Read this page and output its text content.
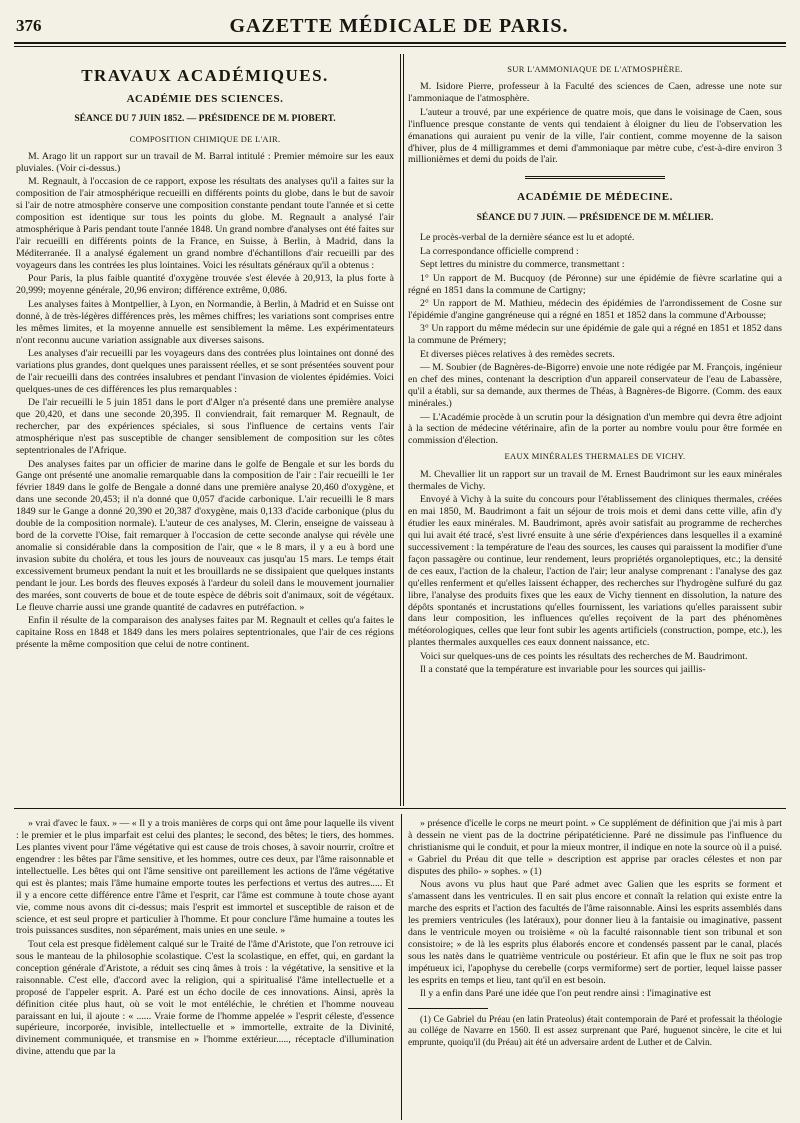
376	GAZETTE MÉDICALE DE PARIS.
TRAVAUX ACADÉMIQUES.
ACADÉMIE DES SCIENCES.
SÉANCE DU 7 JUIN 1852. — PRÉSIDENCE DE M. PIOBERT.
COMPOSITION CHIMIQUE DE L'AIR.

M. Arago lit un rapport sur un travail de M. Barral intitulé : Premier mémoire sur les eaux pluviales. (Voir ci-dessus.)

M. Regnault, à l'occasion de ce rapport, expose les résultats des analyses qu'il a faites sur la composition de l'air atmosphérique recueilli en différents points du globe, dans le but de savoir si l'air de notre atmosphère conserve une composition constante pendant toute l'année et si cette composition est identique sur tous les points du globe. M. Regnault a analysé l'air atmosphérique à Paris pendant toute l'année 1848. Un grand nombre d'analyses ont été faites sur l'air recueilli en différents points de la France, en Suisse, à Berlin, à Madrid, dans la Méditerranée. Il a analysé également un grand nombre d'échantillons d'air recueilli par des voyageurs dans les contrées les plus lointaines. Voici les résultats généraux qu'il a obtenus :

Pour Paris, la plus faible quantité d'oxygène trouvée s'est élevée à 20,913, la plus forte à 20,999; moyenne générale, 20,96 environ; différence extrême, 0,086.

Les analyses faites à Montpellier, à Lyon, en Normandie, à Berlin, à Madrid et en Suisse ont donné, à de très-légères différences près, les mêmes chiffres; les variations sont comprises entre les mêmes limites, et la moyenne annuelle est sensiblement la même. Les expérimentateurs n'ont reconnu aucune variation assignable aux diverses saisons.

Les analyses d'air recueilli par les voyageurs dans des contrées plus lointaines ont donné des variations plus grandes, dont quelques unes paraissent réelles, et se sont présentées souvent pour de l'air recueilli dans des contrées insalubres et pendant l'invasion de violentes épidémies. Voici quelques-unes de ces différences les plus remarquables :

De l'air recueilli le 5 juin 1851 dans le port d'Alger n'a présenté dans une première analyse que 20,420, et dans une seconde 20,395. Il conviendrait, fait remarquer M. Regnault, de rechercher, par des expériences spéciales, si sous l'influence de certains vents l'air atmosphérique n'est pas susceptible de changer sensiblement de composition sur les côtes septentrionales de l'Afrique.

Des analyses faites par un officier de marine dans le golfe de Bengale et sur les bords du Gange ont présenté une anomalie remarquable dans la composition de l'air : l'air recueilli le 1er février 1849 dans le golfe de Bengale a donné dans une première analyse 20,460 d'oxygène, et dans une seconde 20,453; il n'a donné que 0,057 d'acide carbonique. L'air recueilli le 8 mars 1849 sur le Gange a donné 20,390 et 20,387 d'oxygène, mais 0,133 d'acide carbonique (plus du double de la composition normale). L'auteur de ces analyses, M. Clerin, enseigne de vaisseau à bord de la corvette l'Oise, fait remarquer à l'occasion de cette seconde analyse qui révèle une anomalie si considérable dans la composition de l'air, que « le 8 mars, il y a eu à bord une invasion subite du choléra, et tous les jours de nouveaux cas jusqu'au 15 mars. Le temps était excessivement brumeux pendant la nuit et les brouillards ne se dissipaient que quelques instants pendant le jour. Les bords des fleuves exposés à l'ardeur du soleil dans le mouvement journalier des marées, sont couverts de boue et de toute espèce de débris soit d'animaux, soit de végétaux. Le fleuve charrie aussi une grande quantité de cadavres en putréfaction. »

Enfin il résulte de la comparaison des analyses faites par M. Regnault et celles qu'a faites le capitaine Ross en 1848 et 1849 dans les mers polaires septentrionales, que l'air de ces régions présente la même composition que celui de notre continent.

SUR L'AMMONIAQUE DE L'ATMOSPHÈRE.

M. Isidore Pierre, professeur à la Faculté des sciences de Caen, adresse une note sur l'ammoniaque de l'atmosphère.

L'auteur a trouvé, par une expérience de quatre mois, que dans le voisinage de Caen, sous l'influence presque constante de vents qui tendaient à éloigner du lieu de l'observation les émanations qui auraient pu venir de la ville, l'air contient, comme moyenne de la saison d'hiver, plus de 4 milligrammes et demi d'ammoniaque par mètre cube, c'est-à-dire environ 3 millionièmes et demi du poids de l'air.

ACADÉMIE DE MÉDECINE.
SÉANCE DU 7 JUIN. — PRÉSIDENCE DE M. MÉLIER.

Le procès-verbal de la dernière séance est lu et adopté.

La correspondance officielle comprend :

Sept lettres du ministre du commerce, transmettant :

1° Un rapport de M. Bucquoy (de Péronne) sur une épidémie de fièvre scarlatine qui a régné en 1851 dans la commune de Cartigny;

2° Un rapport de M. Mathieu, médecin des épidémies de l'arrondissement de Cosne sur l'épidémie d'angine gangréneuse qui a régné en 1851 et 1852 dans la commune d'Arbousse;

3° Un rapport du même médecin sur une épidémie de gale qui a régné en 1851 et 1852 dans la commune de Prémery;

Et diverses pièces relatives à des remèdes secrets.

— M. Soubier (de Bagnères-de-Bigorre) envoie une note rédigée par M. François, ingénieur en chef des mines, contenant la description d'un appareil conservateur de l'eau de Labassère, qu'il a établi, sur sa demande, aux thermes de Théas, à Bagnères-de Bigorre. (Comm. des eaux minérales.)

— L'Académie procède à un scrutin pour la désignation d'un membre qui devra être adjoint à la section de médecine vétérinaire, afin de la porter au nombre voulu pour être formée en commission d'élection.

EAUX MINÉRALES THERMALES DE VICHY.

M. Chevallier lit un rapport sur un travail de M. Ernest Baudrimont sur les eaux minérales thermales de Vichy.

Envoyé à Vichy à la suite du concours pour l'établissement des cliniques thermales, créées en mai 1850, M. Baudrimont a fait un séjour de trois mois et demi dans cette ville, afin d'y étudier les eaux minérales. M. Baudrimont, après avoir satisfait au programme de recherches qui lui avait été tracé, s'est livré ensuite à une série d'expériences dans lesquelles il a examiné successivement : la température de l'eau des sources, les causes qui paraissent la modifier d'une façon passagère ou continue, leur rendement, leurs propriétés organoleptiques, etc.; la densité de ces eaux, l'action de la chaleur, l'action de l'air; leur analyse comprenant : l'analyse des gaz qu'elles renferment et qu'elles laissent échapper, des recherches sur l'hydrogène sulfuré du gaz libre, l'analyse des produits fixes que les eaux de Vichy tiennent en dissolution, la nature des dépôts spontanés et incrustations qu'elles fournissent, les variations qu'elles paraissent subir dans leur composition, les influences qu'elles reçoivent de la part des phénomènes météorologiques, celles que leur font subir les agents artificiels (construction, pompe, etc.), les plantes thermales auxquelles ces eaux donnent naissance, etc.

Voici sur quelques-uns de ces points les résultats des recherches de M. Baudrimont.

Il a constaté que la température est invariable pour les sources qui jaillis-

» vrai d'avec le faux. » — « Il y a trois manières de corps qui ont âme pour laquelle ils vivent : le premier et le plus imparfait est celui des plantes; le second, des bêtes; le tiers, des hommes. Les plantes vivent pour l'âme végétative qui est cause de trois choses, à savoir nourrir, croître et engendrer : les bêtes par l'âme sensitive, et les hommes, outre ces deux, par l'âme raisonnable et intellectuelle. Les bêtes qui ont l'âme sensitive ont pareillement les actions de l'âme végétative qui est ès plantes; mais l'âme humaine emporte toutes les perfections et vertus des autres..... Et il y a encore cette différence entre l'âme et l'esprit, car l'âme est commune à toute chose ayant vie, comme nous avons dit ci-dessus; mais l'esprit est immortel et susceptible de raison et de science, et est seul propre et particulier à l'homme. Et pour conclure l'âme humaine a toutes les trois puissances susdites, non séparément, mais unies en une seule. »

Tout cela est presque fidèlement calqué sur le Traité de l'âme d'Aristote, que l'on retrouve ici sous le manteau de la philosophie scolastique. C'est la scolastique, en effet, qui, en gardant la conception générale d'Aristote, a réduit ses cinq âmes à trois : la végétative, la sensitive et la raisonnable. C'est elle, d'accord avec la religion, qui a spiritualisé l'âme intellectuelle et a proposé de l'appeler esprit. A. Paré est un écho docile de ces innovations. Ainsi, après la définition citée plus haut, où se voit le mot entéléchie, le chrétien et l'homme nouveau paraissant en lui, il ajoute : « ...... Vraie forme de l'homme appelée » l'esprit céleste, d'essence supérieure, incorporée, invisible, intellectuelle et » immortelle, extraite de la Divinité, divinement communiquée, et transmise en » l'homme extérieur....., réceptacle d'illumination divine, attendu que par la

» présence d'icelle le corps ne meurt point. » Ce supplément de définition que j'ai mis à part à dessein ne vient pas de la doctrine péripatéticienne. Paré ne dissimule pas l'influence du christianisme qui le conduit, et pour la mieux montrer, il indique en note la source où il a puisé. « Gabriel du Préau dit que telle » description est apprise par oracles célestes et non par disputes des philo- » sophes. » (1)

Nous avons vu plus haut que Paré admet avec Galien que les esprits se forment et s'amassent dans les ventricules. Il en sait plus encore et connaît la relation qui existe entre la marche des esprits et l'action des facultés de l'âme raisonnable. Ainsi les esprits assemblés dans les premiers ventricules (les latéraux), pour donner lieu à la fantaisie ou imaginative, passent dans le ventricule moyen ou troisième « où la faculté raisonnable tient son tribunal et son consistoire; » de là les esprits plus élaborés encore et condensés passent par le canal, placés sous les natès dans le quatrième ventricule ou postérieur. Et afin que le flux ne soit pas trop impétueux ici, l'apophyse du cerebelle (corps vermiforme) sert de portier, lequel laisse passer les esprits en temps et lieu, tant qu'il en est besoin.

Il y a enfin dans Paré une idée que l'on peut rendre ainsi : l'imaginative est

(1) Ce Gabriel du Préau (en latin Prateolus) était contemporain de Paré et professait la théologie au collége de Navarre en 1560. Il est assez surprenant que Paré, huguenot sincère, le cite et lui emprunte, quoiqu'il (du Préau) ait été un adversaire ardent de Luther et de Calvin.
